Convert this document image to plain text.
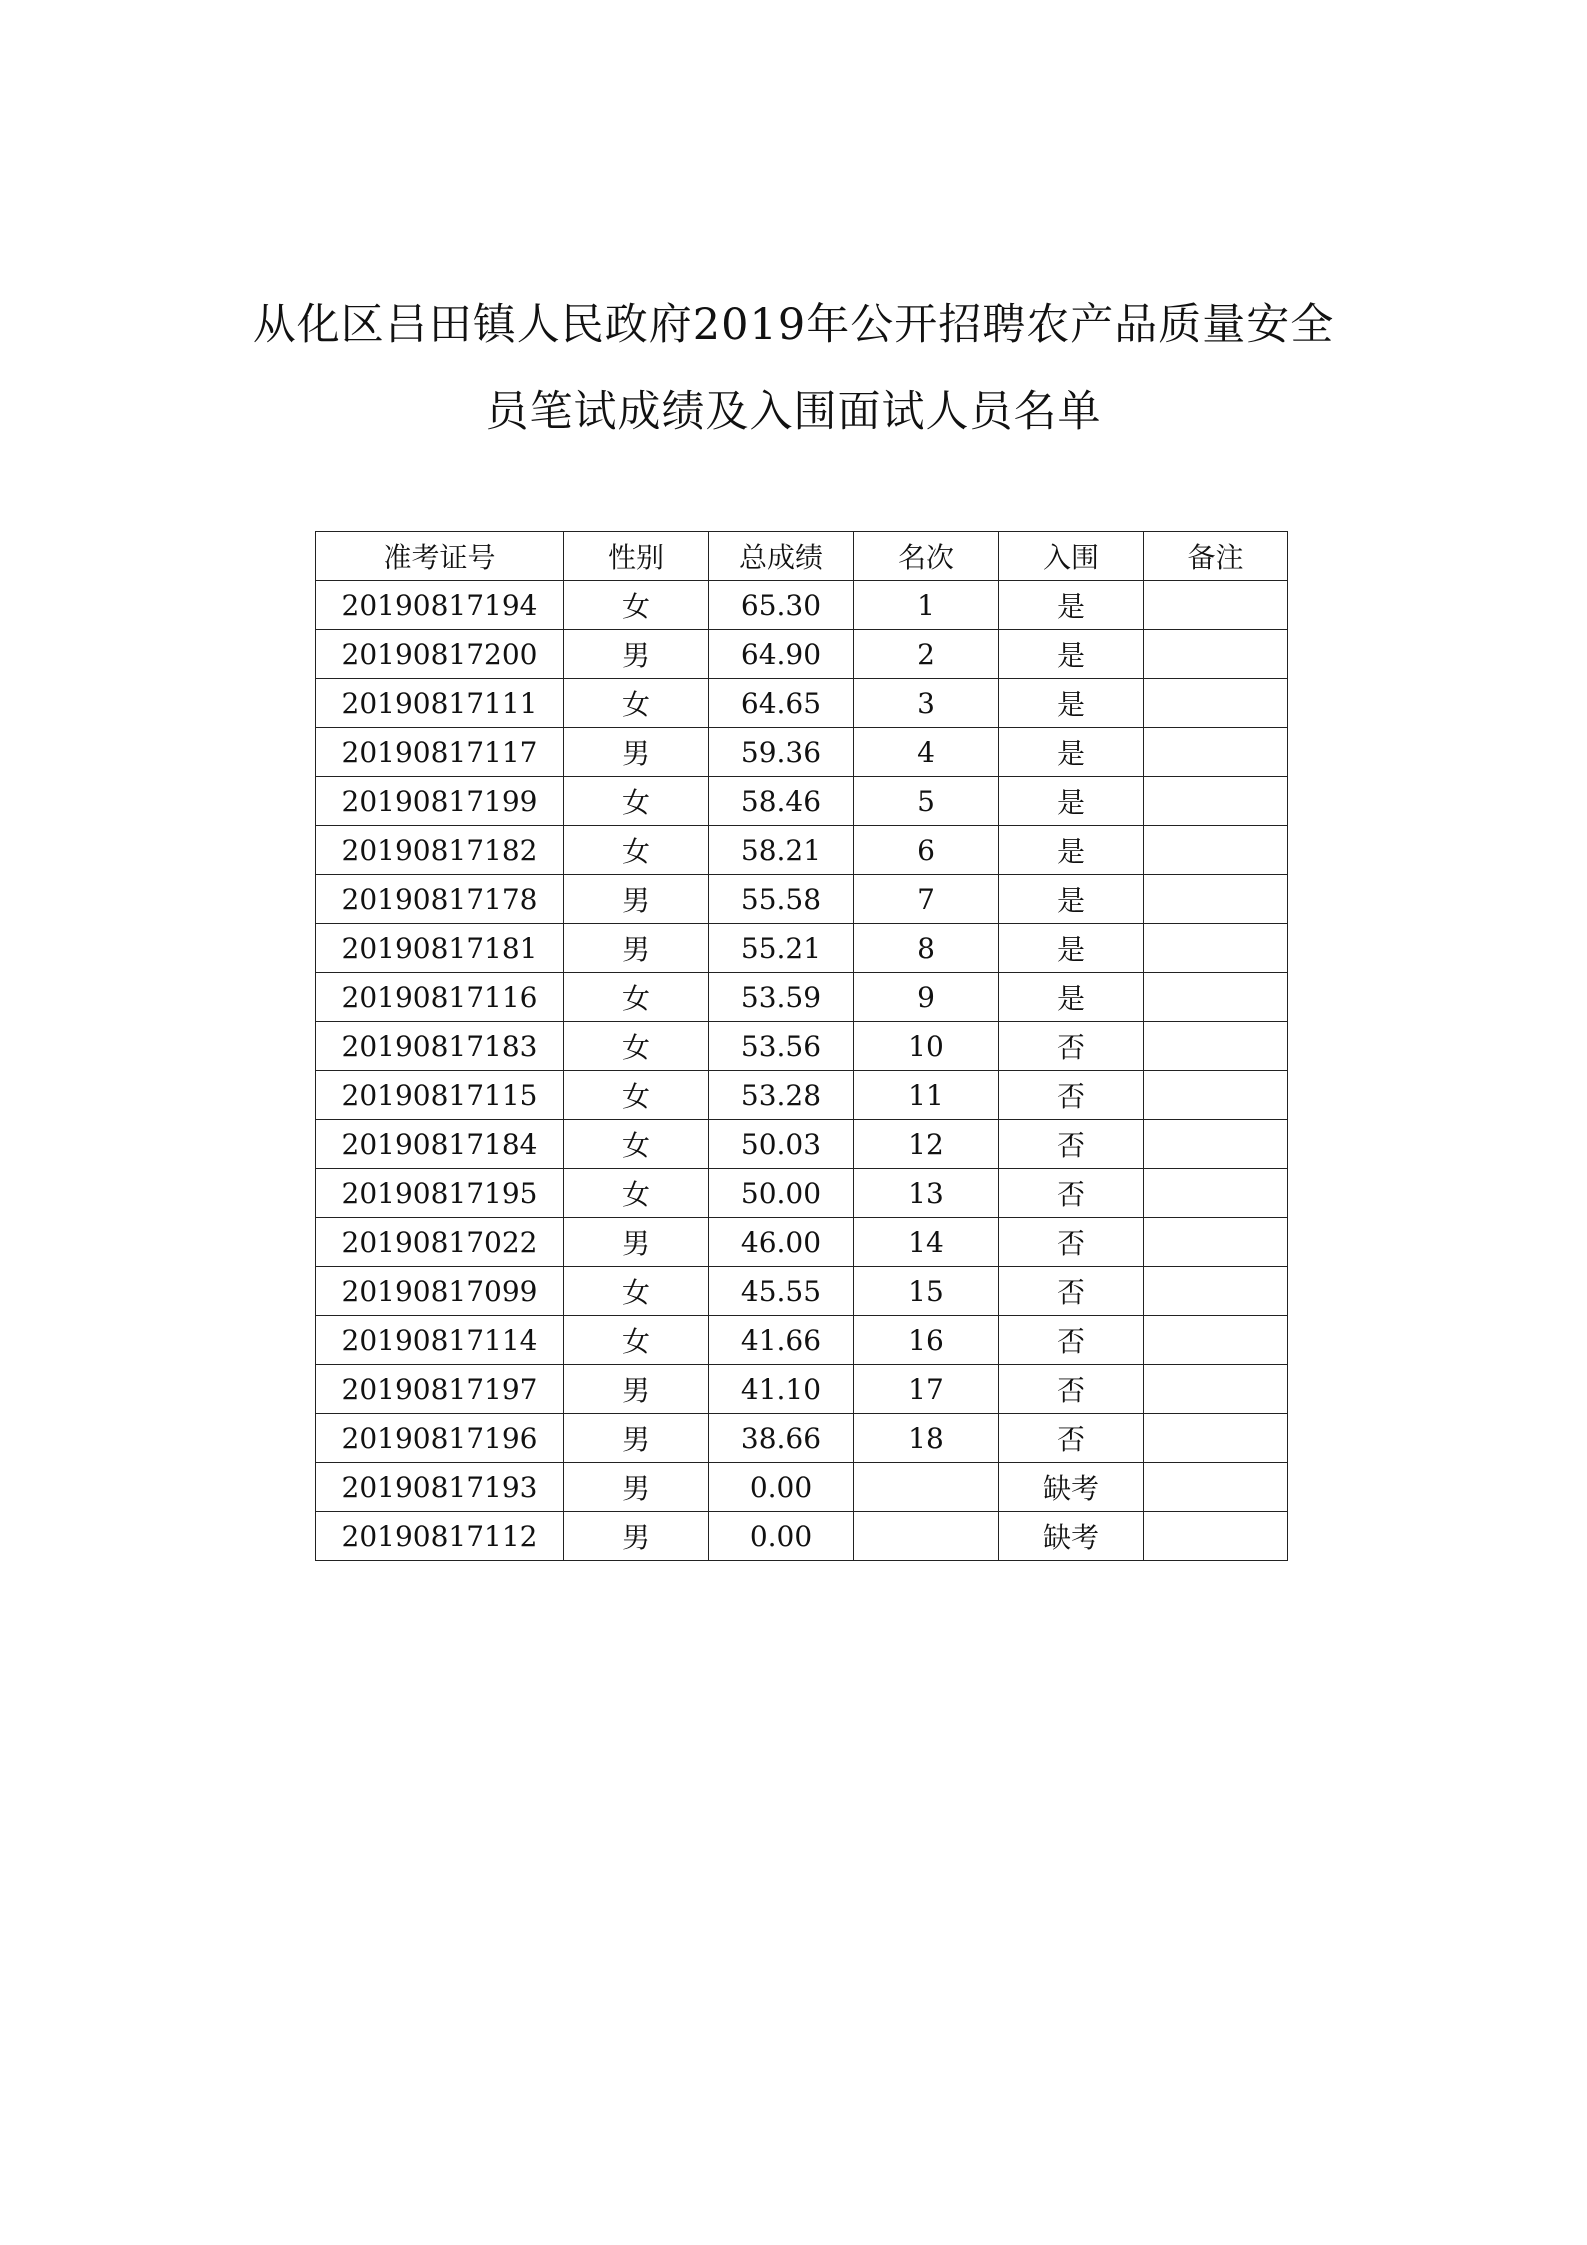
从化区吕田镇人民政府2019年公开招聘农产品质量安全
员笔试成绩及入围面试人员名单
准考证号	性别	总成绩	名次	入围	备注
20190817194	女	65.30	1	是	
20190817200	男	64.90	2	是	
20190817111	女	64.65	3	是	
20190817117	男	59.36	4	是	
20190817199	女	58.46	5	是	
20190817182	女	58.21	6	是	
20190817178	男	55.58	7	是	
20190817181	男	55.21	8	是	
20190817116	女	53.59	9	是	
20190817183	女	53.56	10	否	
20190817115	女	53.28	11	否	
20190817184	女	50.03	12	否	
20190817195	女	50.00	13	否	
20190817022	男	46.00	14	否	
20190817099	女	45.55	15	否	
20190817114	女	41.66	16	否	
20190817197	男	41.10	17	否	
20190817196	男	38.66	18	否	
20190817193	男	0.00		缺考	
20190817112	男	0.00		缺考	
